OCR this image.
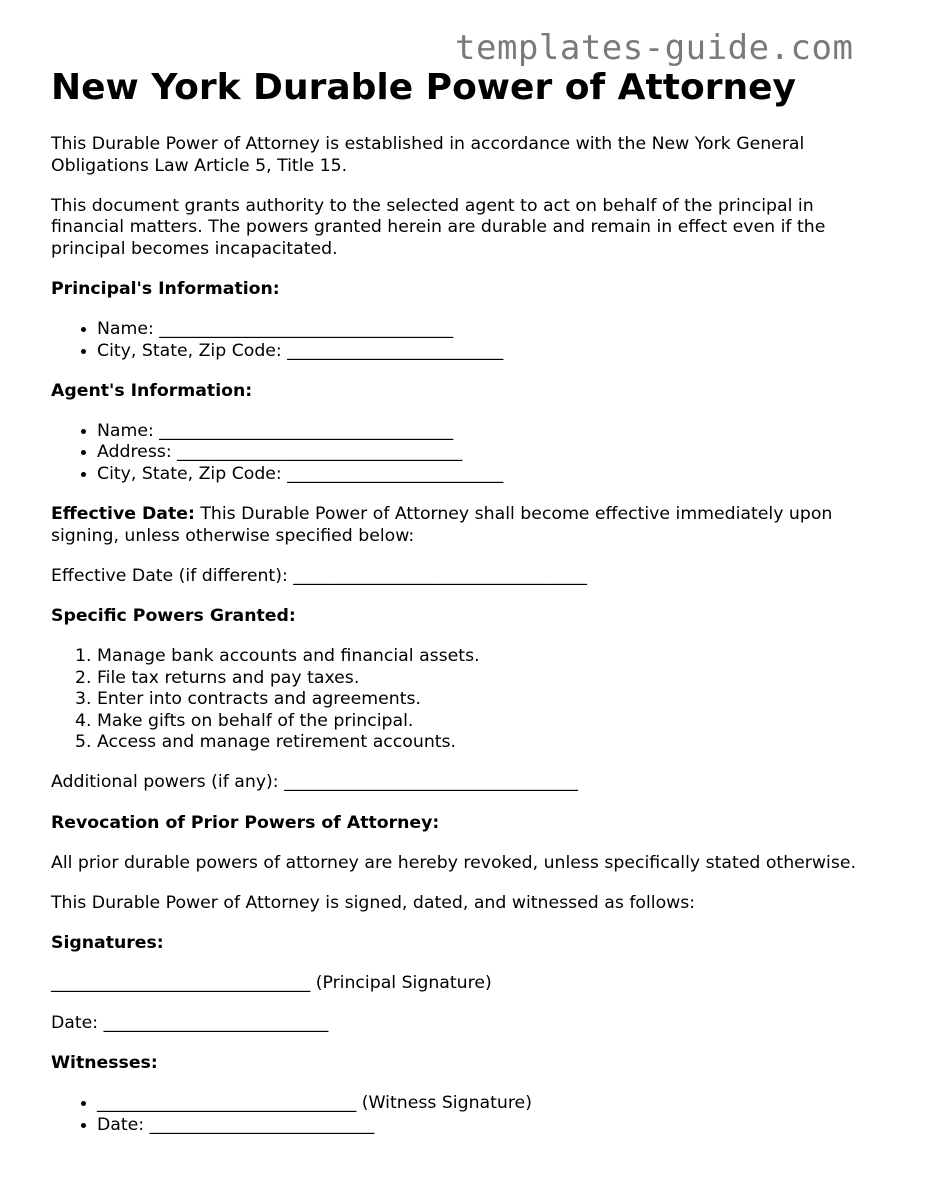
templates-guide.com
New York Durable Power of Attorney

This Durable Power of Attorney is established in accordance with the New York General Obligations Law Article 5, Title 15.

This document grants authority to the selected agent to act on behalf of the principal in financial matters. The powers granted herein are durable and remain in effect even if the principal becomes incapacitated.

Principal's Information:

• Name: __________________________________
• City, State, Zip Code: _________________________

Agent's Information:

• Name: __________________________________
• Address: _________________________________
• City, State, Zip Code: _________________________

Effective Date: This Durable Power of Attorney shall become effective immediately upon signing, unless otherwise specified below:

Effective Date (if different): __________________________________

Specific Powers Granted:

1. Manage bank accounts and financial assets.
2. File tax returns and pay taxes.
3. Enter into contracts and agreements.
4. Make gifts on behalf of the principal.
5. Access and manage retirement accounts.

Additional powers (if any): __________________________________

Revocation of Prior Powers of Attorney:

All prior durable powers of attorney are hereby revoked, unless specifically stated otherwise.

This Durable Power of Attorney is signed, dated, and witnessed as follows:

Signatures:

______________________________ (Principal Signature)

Date: __________________________

Witnesses:

• ______________________________ (Witness Signature)
• Date: __________________________
